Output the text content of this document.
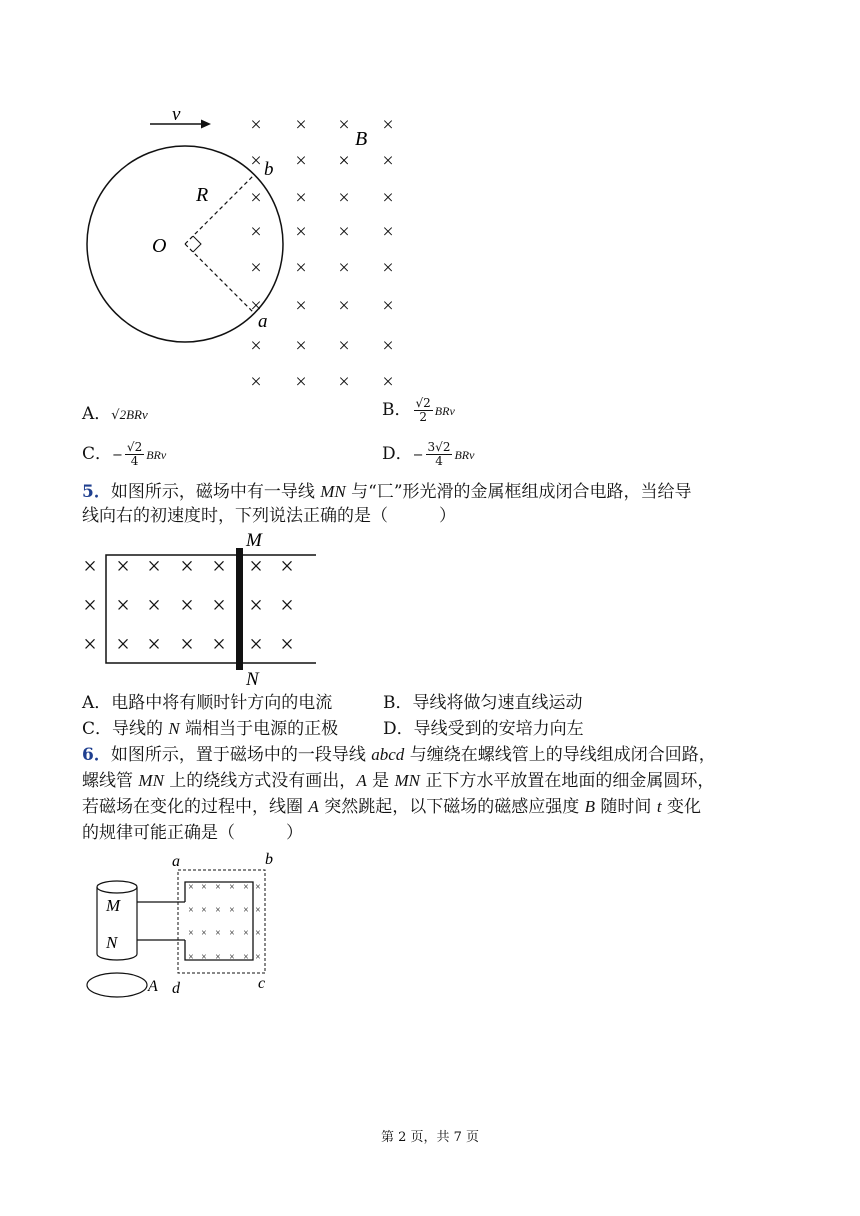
v
O
R
b
a
B
× × × ×
× ×	×
× × × ×
× × × ×
× × × ×
× × × ×
× × × ×
× × × ×
×
A．√2BRv	B． $\frac{√2}{2}$ BRv
C．− $\frac{√2}{4}$ BRv	D．− $\frac{3√2}{4}$ BRv
5．如图所示，磁场中有一导线 MN 与“匸”形光滑的金属框组成闭合电路，当给导
线向右的初速度时，下列说法正确的是（　　　）
M
N
× × × × × × ×
× × × × × × ×
× × × × × × ×
A．电路中将有顺时针方向的电流	B．导线将做匀速直线运动
C．导线的 N 端相当于电源的正极	D．导线受到的安培力向左
6．如图所示，置于磁场中的一段导线 abcd 与缠绕在螺线管上的导线组成闭合回路，
螺线管 MN 上的绕线方式没有画出，A 是 MN 正下方水平放置在地面的细金属圆环，
若磁场在变化的过程中，线圈 A 突然跳起，以下磁场的磁感应强度 B 随时间 t 变化
的规律可能正确是（　　　）
M
N
A
a	b
c
d
× × × × × ×
× × × × × ×
× × × × × ×
× × × × × ×
第 2 页，共 7 页
